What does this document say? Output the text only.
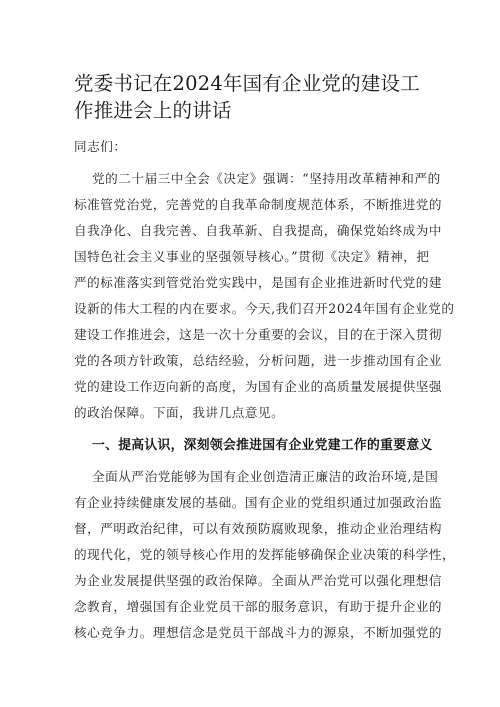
党委书记在2024年国有企业党的建设工作推进会上的讲话
同志们：
党的二十届三中全会《决定》强调：“坚持用改革精神和严的
标准管党治党，完善党的自我革命制度规范体系，不断推进党的
自我净化、自我完善、自我革新、自我提高，确保党始终成为中
国特色社会主义事业的坚强领导核心。”贯彻《决定》精神，把
严的标准落实到管党治党实践中，是国有企业推进新时代党的建
设新的伟大工程的内在要求。今天,我们召开2024年国有企业党的
建设工作推进会，这是一次十分重要的会议，目的在于深入贯彻
党的各项方针政策，总结经验，分析问题，进一步推动国有企业
党的建设工作迈向新的高度，为国有企业的高质量发展提供坚强
的政治保障。下面，我讲几点意见。
一、提高认识，深刻领会推进国有企业党建工作的重要意义
全面从严治党能够为国有企业创造清正廉洁的政治环境,是国
有企业持续健康发展的基础。国有企业的党组织通过加强政治监
督，严明政治纪律，可以有效预防腐败现象，推动企业治理结构
的现代化，党的领导核心作用的发挥能够确保企业决策的科学性，
为企业发展提供坚强的政治保障。全面从严治党可以强化理想信
念教育，增强国有企业党员干部的服务意识，有助于提升企业的
核心竞争力。理想信念是党员干部战斗力的源泉，不断加强党的
